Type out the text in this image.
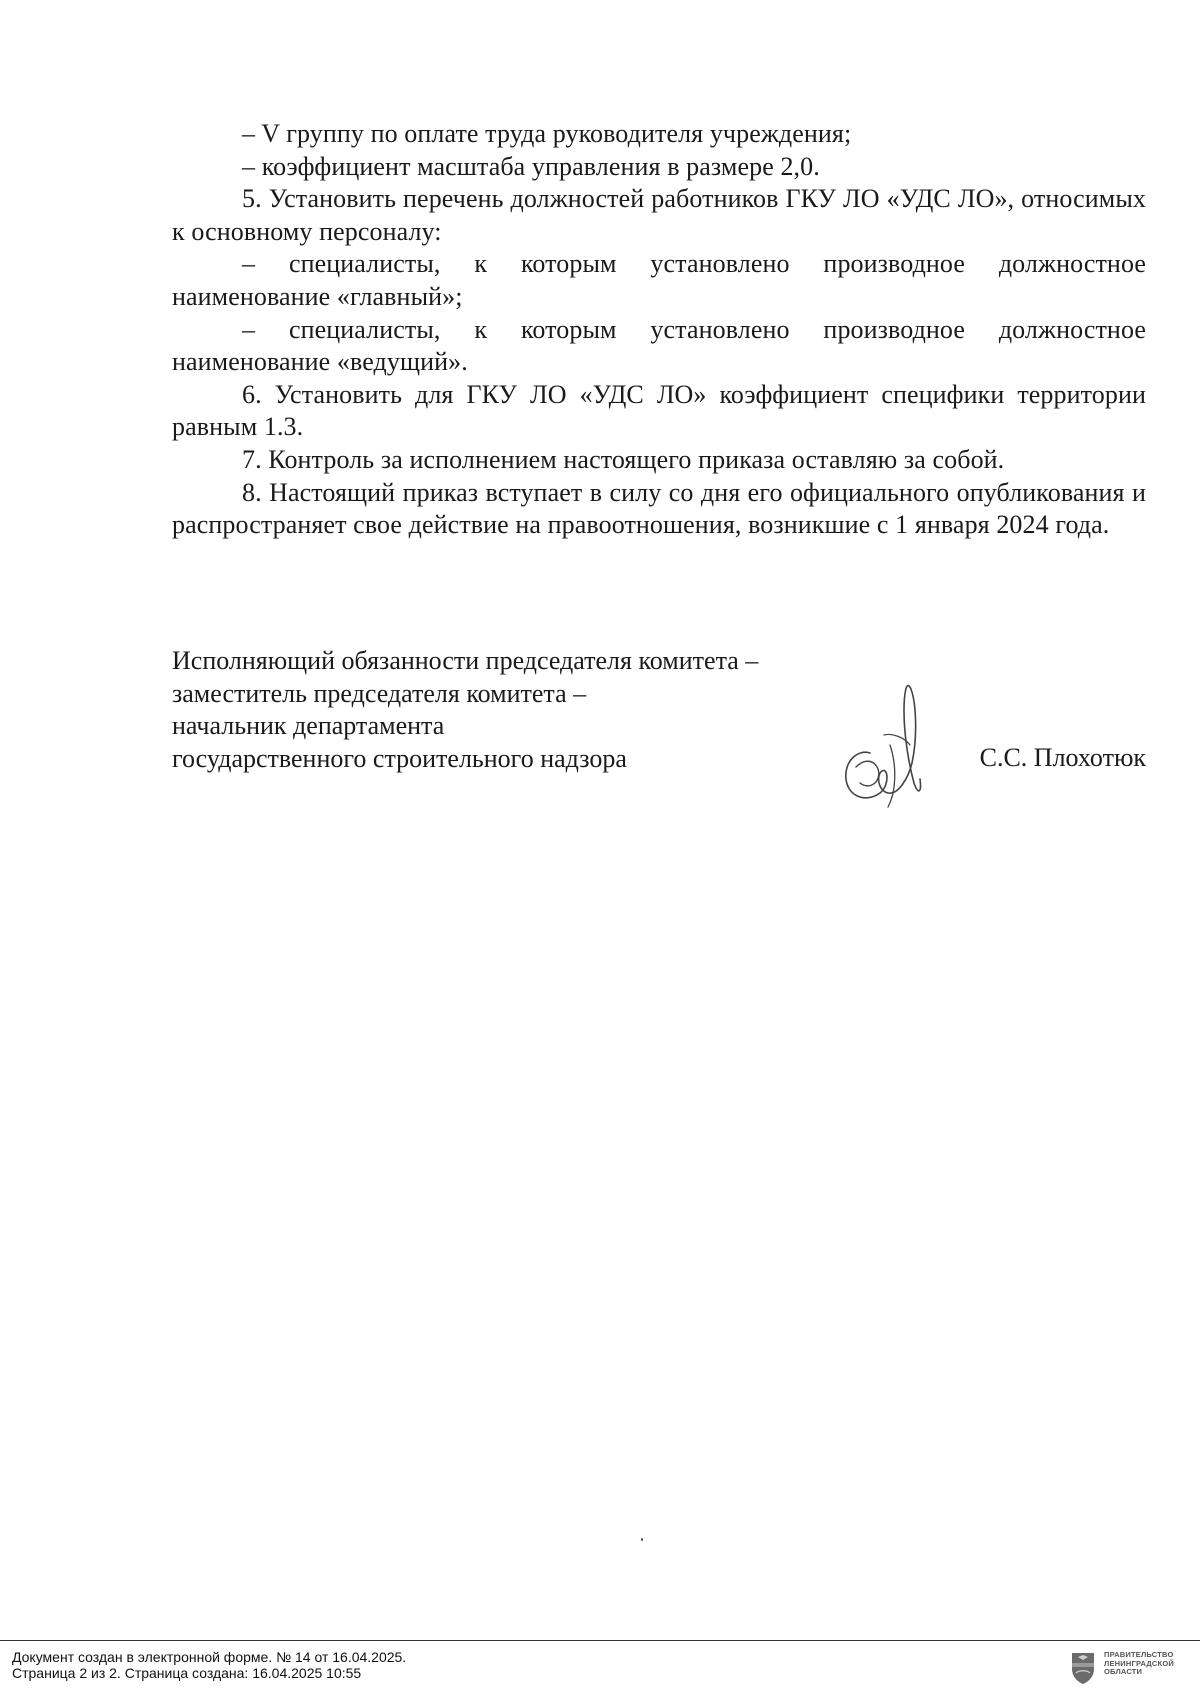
– V группу по оплате труда руководителя учреждения;

– коэффициент масштаба управления в размере 2,0.

5. Установить перечень должностей работников ГКУ ЛО «УДС ЛО», относимых к основному персоналу:

– специалисты, к которым установлено производное должностное наименование «главный»;

– специалисты, к которым установлено производное должностное наименование «ведущий».

6. Установить для ГКУ ЛО «УДС ЛО» коэффициент специфики территории равным 1.3.

7. Контроль за исполнением настоящего приказа оставляю за собой.

8. Настоящий приказ вступает в силу со дня его официального опубликования и распространяет свое действие на правоотношения, возникшие с 1 января 2024 года.

Исполняющий обязанности председателя комитета –
заместитель председателя комитета –
начальник департамента
государственного строительного надзора	С.С. Плохотюк
Документ создан в электронной форме. № 14 от 16.04.2025.
Страница 2 из 2. Страница создана: 16.04.2025 10:55
ПРАВИТЕЛЬСТВО
ЛЕНИНГРАДСКОЙ
ОБЛАСТИ
